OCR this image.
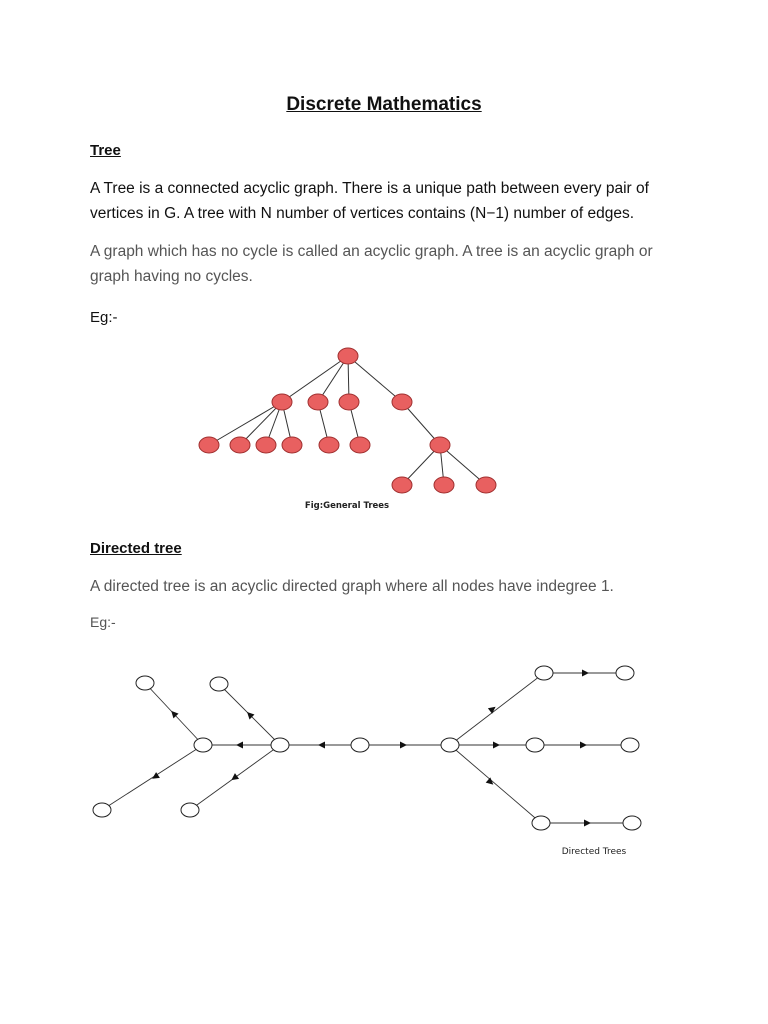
Discrete Mathematics
Tree

A Tree is a connected acyclic graph. There is a unique path between every pair of vertices in G. A tree with N number of vertices contains (N−1) number of edges.

A graph which has no cycle is called an acyclic graph. A tree is an acyclic graph or graph having no cycles.

Eg:-

Fig:General Trees
Directed tree

A directed tree is an acyclic directed graph where all nodes have indegree 1.

Eg:-

Directed Trees
